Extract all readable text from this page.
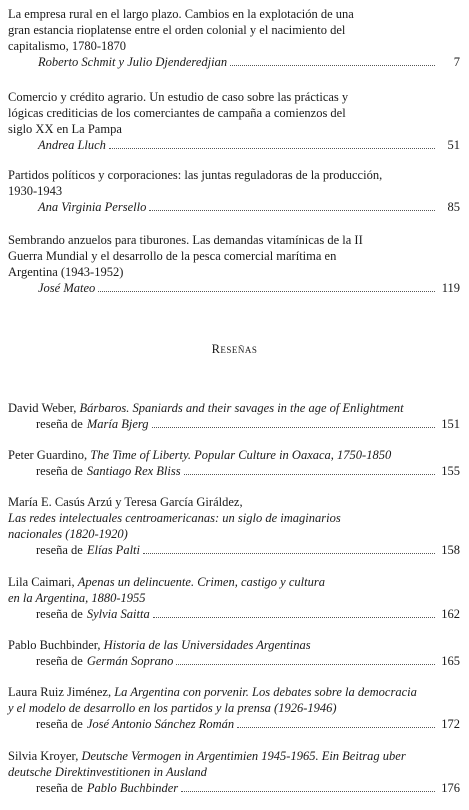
La empresa rural en el largo plazo. Cambios en la explotación de una
gran estancia rioplatense entre el orden colonial y el nacimiento del
capitalismo, 1780-1870
Roberto Schmit y Julio Djenderedjian	7
Comercio y crédito agrario. Un estudio de caso sobre las prácticas y
lógicas crediticias de los comerciantes de campaña a comienzos del
siglo XX en La Pampa
Andrea Lluch	51
Partidos políticos y corporaciones: las juntas reguladoras de la producción,
1930-1943
Ana Virginia Persello	85
Sembrando anzuelos para tiburones. Las demandas vitamínicas de la II
Guerra Mundial y el desarrollo de la pesca comercial marítima en
Argentina (1943-1952)
José Mateo	119
Reseñas
David Weber, Bárbaros. Spaniards and their savages in the age of Enlightment
reseña de María Bjerg	151
Peter Guardino, The Time of Liberty. Popular Culture in Oaxaca, 1750-1850
reseña de Santiago Rex Bliss	155
María E. Casús Arzú y Teresa García Giráldez,
Las redes intelectuales centroamericanas: un siglo de imaginarios
nacionales (1820-1920)
reseña de Elías Palti	158
Lila Caimari, Apenas un delincuente. Crimen, castigo y cultura
en la Argentina, 1880-1955
reseña de Sylvia Saitta	162
Pablo Buchbinder, Historia de las Universidades Argentinas
reseña de Germán Soprano	165
Laura Ruiz Jiménez, La Argentina con porvenir. Los debates sobre la democracia
y el modelo de desarrollo en los partidos y la prensa (1926-1946)
reseña de José Antonio Sánchez Román	172
Silvia Kroyer, Deutsche Vermogen in Argentimien 1945-1965. Ein Beitrag uber
deutsche Direktinvestitionen in Ausland
reseña de Pablo Buchbinder	176
